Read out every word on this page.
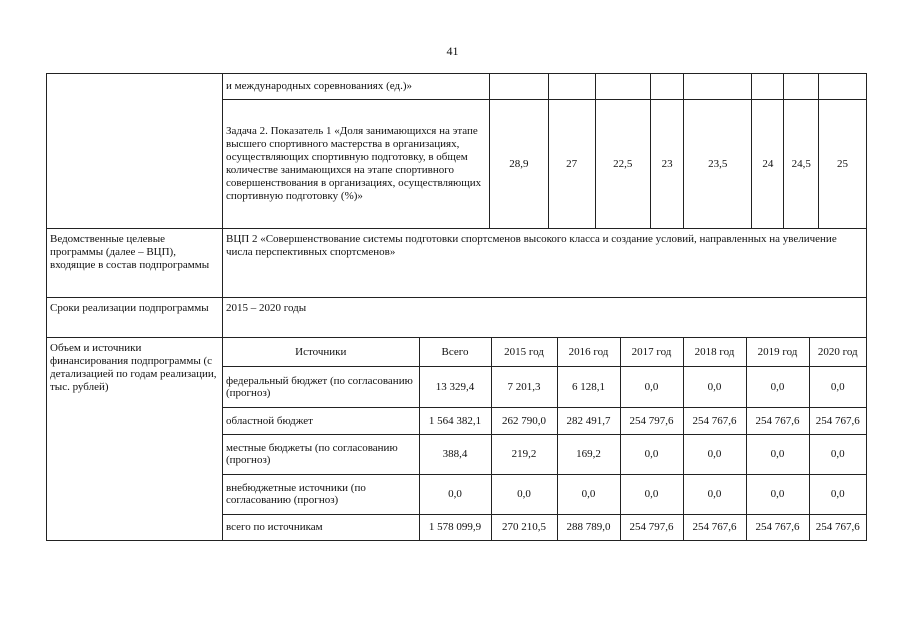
41
	и международных соревнованиях (ед.)»								
Задача 2. Показатель 1 «Доля занимающихся на этапе высшего спортивного мастерства в организациях, осуществляющих спортивную подготовку, в общем количестве занимающихся на этапе спортивного совершенствования в организациях, осуществляющих спортивную подготовку (%)»	28,9	27	22,5	23	23,5	24	24,5	25
Ведомственные целевые программы (далее – ВЦП), входящие в состав подпрограммы	ВЦП 2 «Совершенствование системы подготовки спортсменов высокого класса и создание условий, направленных на увеличение числа перспективных спортсменов»
Сроки реализации подпрограммы	2015 – 2020 годы
Объем и источники финансирования подпрограммы (с детализацией по годам реализации, тыс. рублей)	
Источники	Всего	2015 год	2016 год	2017 год	2018 год	2019 год	2020 год
федеральный бюджет (по согласованию (прогноз)	13 329,4	7 201,3	6 128,1	0,0	0,0	0,0	0,0
областной бюджет	1 564 382,1	262 790,0	282 491,7	254 797,6	254 767,6	254 767,6	254 767,6
местные бюджеты (по согласованию (прогноз)	388,4	219,2	169,2	0,0	0,0	0,0	0,0
внебюджетные источники (по согласованию (прогноз)	0,0	0,0	0,0	0,0	0,0	0,0	0,0
всего по источникам	1 578 099,9	270 210,5	288 789,0	254 797,6	254 767,6	254 767,6	254 767,6
